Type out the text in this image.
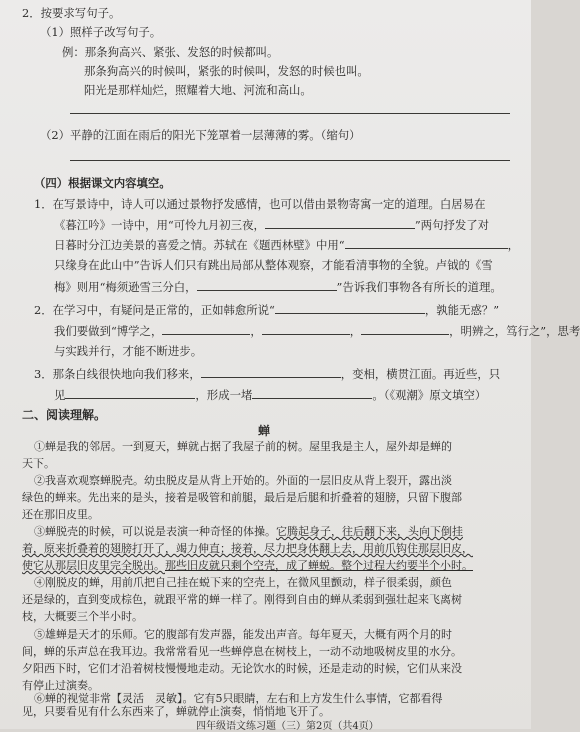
2．按要求写句子。
（1）照样子改写句子。
例：那条狗高兴、紧张、发怒的时候都叫。
那条狗高兴的时候叫，紧张的时候叫，发怒的时候也叫。
阳光是那样灿烂，照耀着大地、河流和高山。
（2）平静的江面在雨后的阳光下笼罩着一层薄薄的雾。（缩句）
（四）根据课文内容填空。
1．在写景诗中，诗人可以通过景物抒发感情，也可以借由景物寄寓一定的道理。白居易在
《暮江吟》一诗中，用“可怜九月初三夜，	”两句抒发了对
日暮时分江边美景的喜爱之情。苏轼在《题西林壁》中用“	，
只缘身在此山中”告诉人们只有跳出局部从整体观察，才能看清事物的全貌。卢钺的《雪
梅》则用“梅须逊雪三分白，	”告诉我们事物各有所长的道理。
2．在学习中，有疑问是正常的，正如韩愈所说“	，孰能无惑？”
我们要做到“博学之，	，	，	，明辨之，笃行之”，思考
与实践并行，才能不断进步。
3．那条白线很快地向我们移来，	，变相，横贯江面。再近些，只
见	，形成一堵	。（《观潮》原文填空）
二、阅读理解。
蝉
①蝉是我的邻居。一到夏天，蝉就占据了我屋子前的树。屋里我是主人，屋外却是蝉的
天下。
②我喜欢观察蝉脱壳。幼虫脱皮是从背上开始的。外面的一层旧皮从背上裂开，露出淡
绿色的蝉来。先出来的是头，接着是吸管和前腿，最后是后腿和折叠着的翅膀，只留下腹部
还在那旧皮里。
③蝉脱壳的时候，可以说是表演一种奇怪的体操。它腾起身子，往后翻下来，头向下倒挂
着，原来折叠着的翅膀打开了，竭力伸直；接着，尽力把身体翻上去，用前爪钩住那层旧皮，
使它从那层旧皮里完全脱出。那些旧皮就只剩个空壳，成了蝉蜕。整个过程大约要半个小时。
④刚脱皮的蝉，用前爪把自己挂在蜕下来的空壳上，在微风里颤动，样子很柔弱，颜色
还是绿的，直到变成棕色，就跟平常的蝉一样了。刚得到自由的蝉从柔弱到强壮起来飞离树
枝，大概要三个半小时。
⑤雄蝉是天才的乐师。它的腹部有发声器，能发出声音。每年夏天，大概有两个月的时
间，蝉的乐声总在我耳边。我常常看见一些蝉停息在树枝上，一动不动地吸树皮里的水分。
夕阳西下时，它们才沿着树枝慢慢地走动。无论饮水的时候，还是走动的时候，它们从来没
有停止过演奏。
⑥蝉的视觉非常【灵活　灵敏】。它有5只眼睛，左右和上方发生什么事情，它都看得
见，只要看见有什么东西来了，蝉就停止演奏，悄悄地飞开了。
四年级语文练习题（三）第2页（共4页）
